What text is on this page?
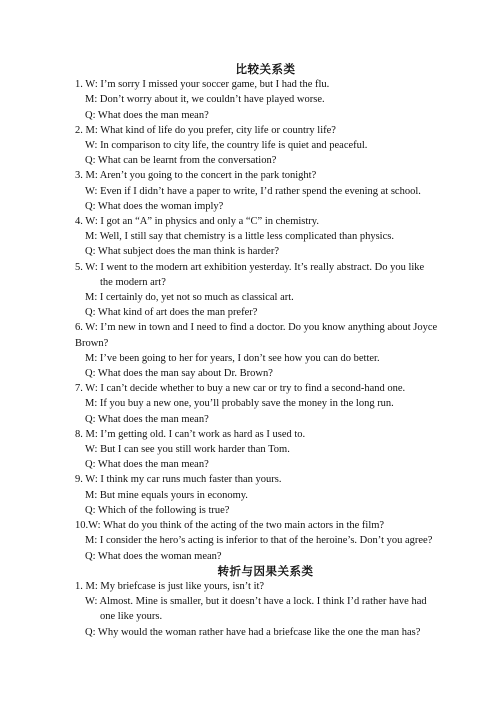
比较关系类
1. W: I’m sorry I missed your soccer game, but I had the flu.
M: Don’t worry about it, we couldn’t have played worse.
Q: What does the man mean?
2. M: What kind of life do you prefer, city life or country life?
W: In comparison to city life, the country life is quiet and peaceful.
Q: What can be learnt from the conversation?
3. M: Aren’t you going to the concert in the park tonight?
W: Even if I didn’t have a paper to write, I’d rather spend the evening at school.
Q: What does the woman imply?
4. W: I got an “A” in physics and only a “C” in chemistry.
M: Well, I still say that chemistry is a little less complicated than physics.
Q: What subject does the man think is harder?
5. W: I went to the modern art exhibition yesterday. It’s really abstract. Do you like
the modern art?
M: I certainly do, yet not so much as classical art.
Q: What kind of art does the man prefer?
6. W: I’m new in town and I need to find a doctor. Do you know anything about Joyce
Brown?
M: I’ve been going to her for years, I don’t see how you can do better.
Q: What does the man say about Dr. Brown?
7. W: I can’t decide whether to buy a new car or try to find a second-hand one.
M: If you buy a new one, you’ll probably save the money in the long run.
Q: What does the man mean?
8. M: I’m getting old. I can’t work as hard as I used to.
W: But I can see you still work harder than Tom.
Q: What does the man mean?
9. W: I think my car runs much faster than yours.
M: But mine equals yours in economy.
Q: Which of the following is true?
10.W: What do you think of the acting of the two main actors in the film?
M: I consider the hero’s acting is inferior to that of the heroine’s. Don’t you agree?
Q: What does the woman mean?
转折与因果关系类
1. M: My briefcase is just like yours, isn’t it?
W: Almost. Mine is smaller, but it doesn’t have a lock. I think I’d rather have had
one like yours.
Q: Why would the woman rather have had a briefcase like the one the man has?
